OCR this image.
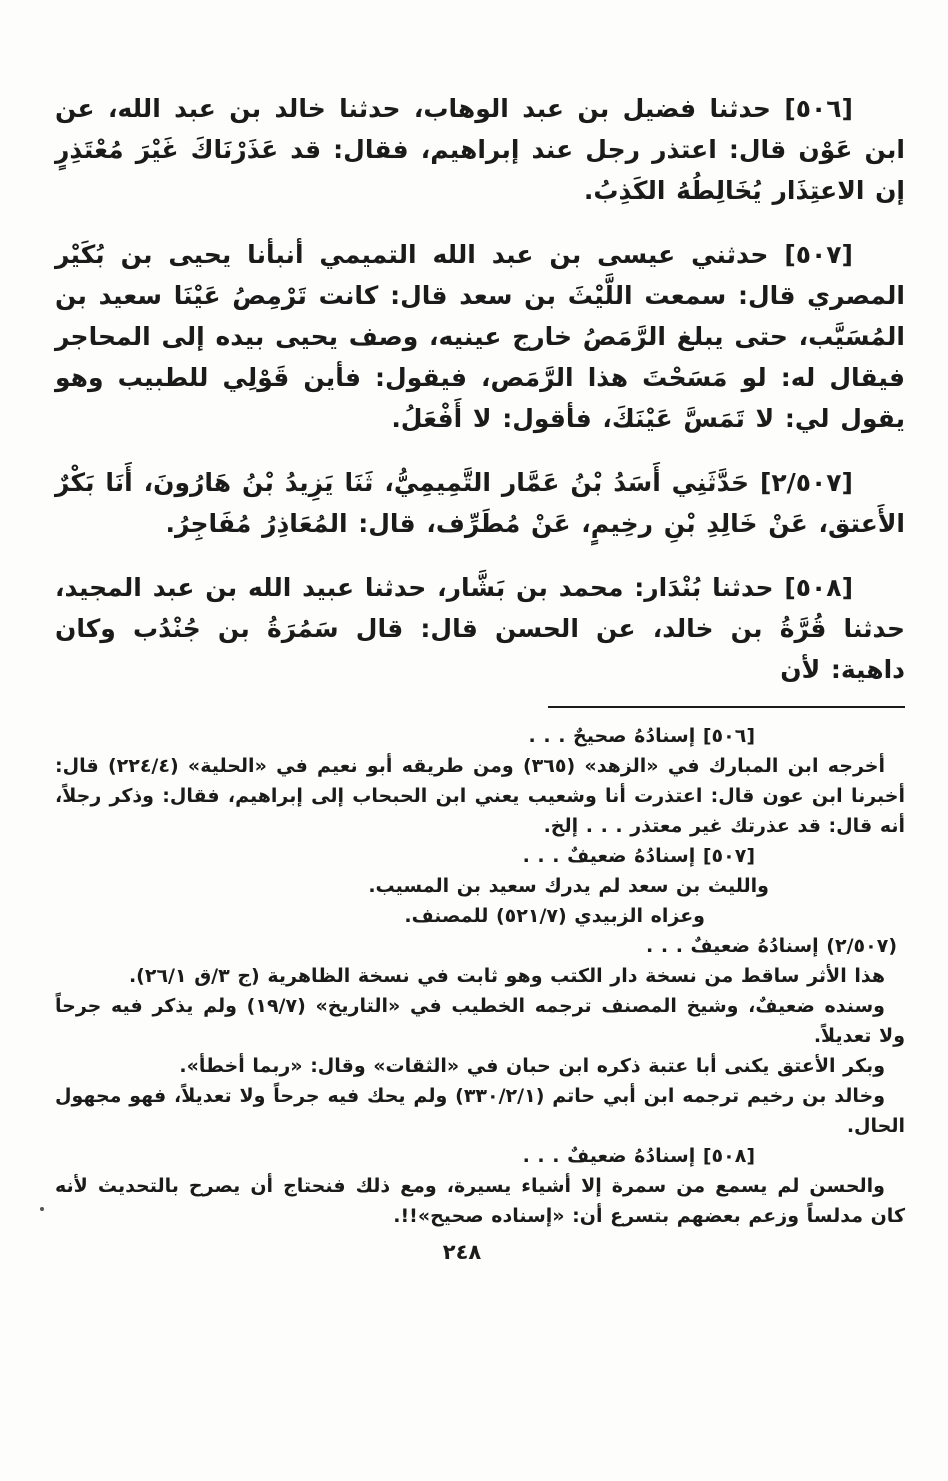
[٥٠٦] حدثنا فضيل بن عبد الوهاب، حدثنا خالد بن عبد الله، عن ابن عَوْن قال: اعتذر رجل عند إبراهيم، فقال: قد عَذَرْنَاكَ غَيْرَ مُعْتَذِرٍ إن الاعتِذَار يُخَالِطُهُ الكَذِبُ.

[٥٠٧] حدثني عيسى بن عبد الله التميمي أنبأنا يحيى بن بُكَيْر المصري قال: سمعت اللَّيْثَ بن سعد قال: كانت تَرْمِصُ عَيْنَا سعيد بن المُسَيَّب، حتى يبلغ الرَّمَصُ خارج عينيه، وصف يحيى بيده إلى المحاجر فيقال له: لو مَسَحْتَ هذا الرَّمَص، فيقول: فأين قَوْلِي للطبيب وهو يقول لي: لا تَمَسَّ عَيْنَكَ، فأقول: لا أَفْعَلُ.

[٢/٥٠٧] حَدَّثَنِي أَسَدُ بْنُ عَمَّار التَّمِيمِيُّ، ثَنَا يَزِيدُ بْنُ هَارُونَ، أَنَا بَكْرٌ الأَعتق، عَنْ خَالِدِ بْنِ رخِيمٍ، عَنْ مُطَرِّف، قال: المُعَاذِرُ مُفَاجِرُ.

[٥٠٨] حدثنا بُنْدَار: محمد بن بَشَّار، حدثنا عبيد الله بن عبد المجيد، حدثنا قُرَّةُ بن خالد، عن الحسن قال: قال سَمُرَةُ بن جُنْدُب وكان داهية: لأن

[٥٠٦] إسنادُهُ صحيحٌ . . .

أخرجه ابن المبارك في «الزهد» (٣٦٥) ومن طريقه أبو نعيم في «الحلية» (٢٢٤/٤) قال: أخبرنا ابن عون قال: اعتذرت أنا وشعيب يعني ابن الحبحاب إلى إبراهيم، فقال: وذكر رجلاً، أنه قال: قد عذرتك غير معتذر . . . إلخ.

[٥٠٧] إسنادُهُ ضعيفٌ . . .

والليث بن سعد لم يدرك سعيد بن المسيب.

وعزاه الزبيدي (٥٢١/٧) للمصنف.

(٢/٥٠٧) إسنادُهُ ضعيفٌ . . .

هذا الأثر ساقط من نسخة دار الكتب وهو ثابت في نسخة الظاهرية (ج ٣/ق ٢٦/١).

وسنده ضعيفٌ، وشيخ المصنف ترجمه الخطيب في «التاريخ» (١٩/٧) ولم يذكر فيه جرحاً ولا تعديلاً.

وبكر الأعتق يكنى أبا عتبة ذكره ابن حبان في «الثقات» وقال: «ربما أخطأ».

وخالد بن رخيم ترجمه ابن أبي حاتم (٣٣٠/٢/١) ولم يحك فيه جرحاً ولا تعديلاً، فهو مجهول الحال.

[٥٠٨] إسنادُهُ ضعيفٌ . . .

والحسن لم يسمع من سمرة إلا أشياء يسيرة، ومع ذلك فنحتاج أن يصرح بالتحديث لأنه كان مدلساً وزعم بعضهم بتسرع أن: «إسناده صحيح»!!.

٢٤٨
